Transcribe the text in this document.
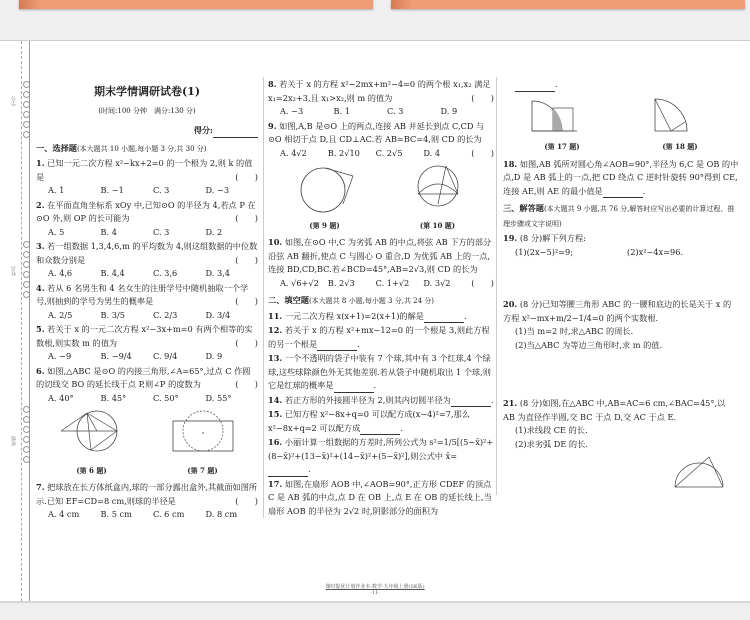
学号
姓名
班级
期末学情调研试卷(1)
(时间:100 分钟　满分:130 分)
得分:
一、选择题(本大题共 10 小题,每小题 3 分,共 30 分)
1. 已知一元二次方程 x²−kx+2=0 的一个根为 2,则 k 的值是	(　　)
A. 1	B. −1	C. 3	D. −3
2. 在平面直角坐标系 xOy 中,已知⊙O 的半径为 4,若点 P 在⊙O 外,则 OP 的长可能为	(　　)
A. 5	B. 4	C. 3	D. 2
3. 若一组数据 1,3,4,6,m 的平均数为 4,则这组数据的中位数和众数分别是	(　　)
A. 4,6	B. 4,4	C. 3,6	D. 3,4
4. 若从 6 名男生和 4 名女生的注册学号中随机抽取一个学号,则抽到的学号为男生的概率是	(　　)
A. 2/5	B. 3/5	C. 2/3	D. 3/4
5. 若关于 x 的一元二次方程 x²−3x+m=0 有两个相等的实数根,则实数 m 的值为	(　　)
A. −9	B. −9/4	C. 9/4	D. 9
6. 如图,△ABC 是⊙O 的内接三角形,∠A=65°,过点 C 作圆的切线交 BO 的延长线于点 P,则∠P 的度数为	(　　)
A. 40°	B. 45°	C. 50°	D. 55°
(第 6 题)	(第 7 题)
7. 把球放在长方体纸盒内,球的一部分露出盒外,其截面如图所示.已知 EF=CD=8 cm,则球的半径是	(　　)
A. 4 cm	B. 5 cm	C. 6 cm	D. 8 cm
8. 若关于 x 的方程 x²−2mx+m²−4=0 的两个根 x₁,x₂ 满足 x₁=2x₂+3,且 x₁>x₂,则 m 的值为	(　　)
A. −3	B. 1	C. 3	D. 9
9. 如图,A,B 是⊙O 上的两点,连接 AB 并延长到点 C,CD 与⊙O 相切于点 D,且 CD⊥AC.若 AB=BC=4,则 CD 的长为
(　　)
A. 4√2	B. 2√10	C. 2√5	D. 4
(第 9 题)	(第 10 题)
10. 如图,在⊙O 中,C 为劣弧 AB 的中点,将弦 AB 下方的部分沿弦 AB 翻折,使点 C 与圆心 O 重合,D 为优弧 AB 上的一点,连接 BD,CD,BC.若∠BCD=45°,AB=2√3,则 CD 的长为
(　　)
A. √6+√2	B. 2√3	C. 1+√2	D. 3√2
二、填空题(本大题共 8 小题,每小题 3 分,共 24 分)
11. 一元二次方程 x(x+1)=2(x+1)的解是	.
12. 若关于 x 的方程 x²+mx−12=0 的一个根是 3,则此方程的另一个根是	.
13. 一个不透明的袋子中装有 7 个球,其中有 3 个红球,4 个绿球,这些球除颜色外无其他差别.若从袋子中随机取出 1 个球,则它是红球的概率是	.
14. 若正方形的外接圆半径为 2,则其内切圆半径为	.
15. 已知方程 x²−8x+q=0 可以配方成(x−4)²=7,那么 x²−8x+q=2 可以配方成	.
16. 小丽计算一组数据的方差时,所列公式为 s²=1/5[(5−x̄)²+(8−x̄)²+(13−x̄)²+(14−x̄)²+(5−x̄)²],则公式中 x̄=.
17. 如图,在扇形 AOB 中,∠AOB=90°,正方形 CDEF 的顶点 C 是 AB 弧的中点,点 D 在 OB 上,点 E 在 OB 的延长线上,当扇形 AOB 的半径为 2√2 时,阴影部分的面积为
.
(第 17 题)	(第 18 题)
18. 如图,AB 弧所对圆心角∠AOB=90°,半径为 6,C 是 OB 的中点,D 是 AB 弧上的一点,把 CD 绕点 C 逆时针旋转 90°得到 CE,连接 AE,则 AE 的最小值是	.
三、解答题(本大题共 9 小题,共 76 分,解答时应写出必要的计算过程、推理步骤或文字说明)
19. (8 分)解下列方程:
(1)(2x−5)²=9;	(2)x²−4x=96.
20. (8 分)已知等腰三角形 ABC 的一腰和底边的长是关于 x 的方程 x²−mx+m/2−1/4=0 的两个实数根.
(1)当 m=2 时,求△ABC 的周长.
(2)当△ABC 为等边三角形时,求 m 的值.
21. (8 分)如图,在△ABC 中,AB=AC=6 cm,∠BAC=45°,以 AB 为直径作半圆,交 BC 于点 D,交 AC 于点 E.
(1)求线段 CE 的长.
(2)求劣弧 DE 的长.
课时提优计划作业本·数学·九年级上册(SK版)
·11·
